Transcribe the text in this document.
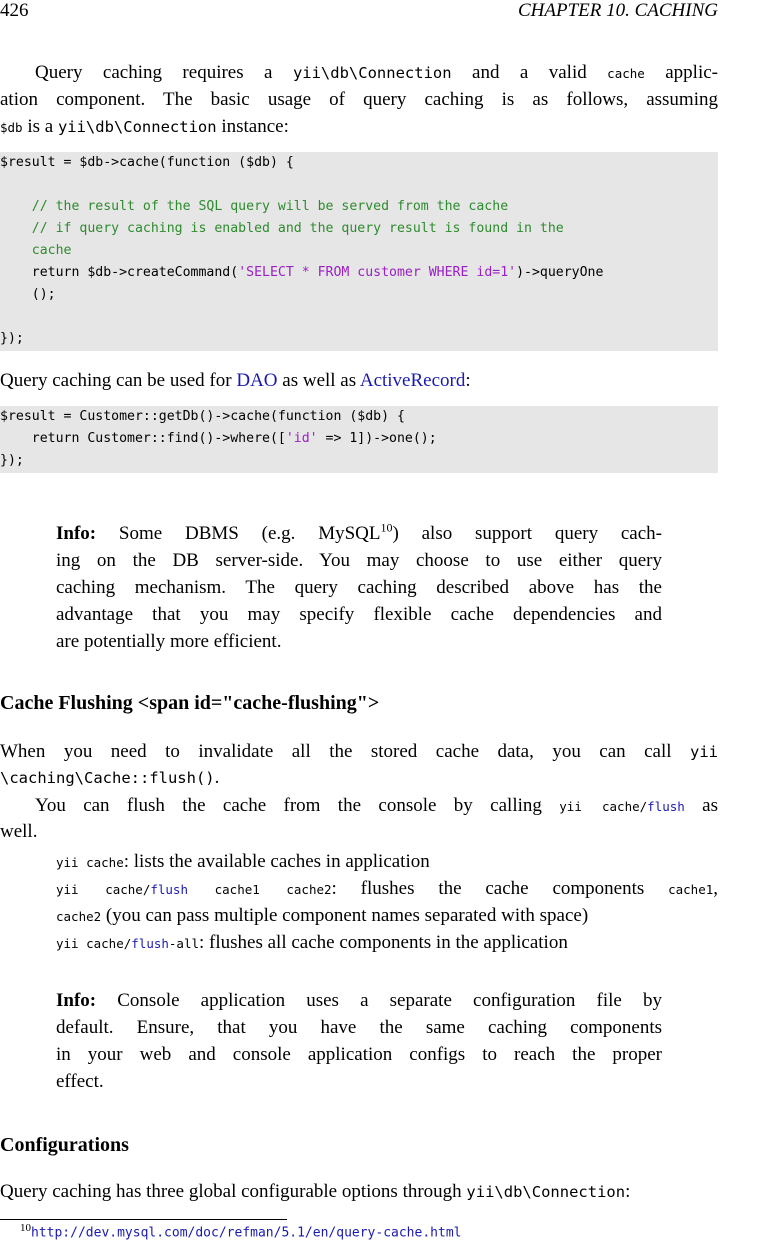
426	CHAPTER 10. CACHING
Query caching requires a yii\db\Connection and a valid cache applic-
ation component. The basic usage of query caching is as follows, assuming
$db is a yii\db\Connection instance:
$result = $db->cache(function ($db) {
// the result of the SQL query will be served from the cache
// if query caching is enabled and the query result is found in the
cache
return $db->createCommand('SELECT * FROM customer WHERE id=1')->queryOne
();
});
Query caching can be used for DAO as well as ActiveRecord:
$result = Customer::getDb()->cache(function ($db) {
return Customer::find()->where(['id' => 1])->one();
});
Info: Some DBMS (e.g. MySQL$^{10}$) also support query cach-
ing on the DB server-side. You may choose to use either query
caching mechanism. The query caching described above has the
advantage that you may specify flexible cache dependencies and
are potentially more efficient.
Cache Flushing <span id="cache-flushing">
When you need to invalidate all the stored cache data, you can call yii
\caching\Cache::flush().
You can flush the cache from the console by calling yii cache/flush as
well.
yii cache: lists the available caches in application
yii cache/flush cache1 cache2: flushes the cache components cache1,
cache2 (you can pass multiple component names separated with space)
yii cache/flush-all: flushes all cache components in the application
Info: Console application uses a separate configuration file by
default. Ensure, that you have the same caching components
in your web and console application configs to reach the proper
effect.
Configurations
Query caching has three global configurable options through yii\db\Connection:
$^{10}$http://dev.mysql.com/doc/refman/5.1/en/query-cache.html
